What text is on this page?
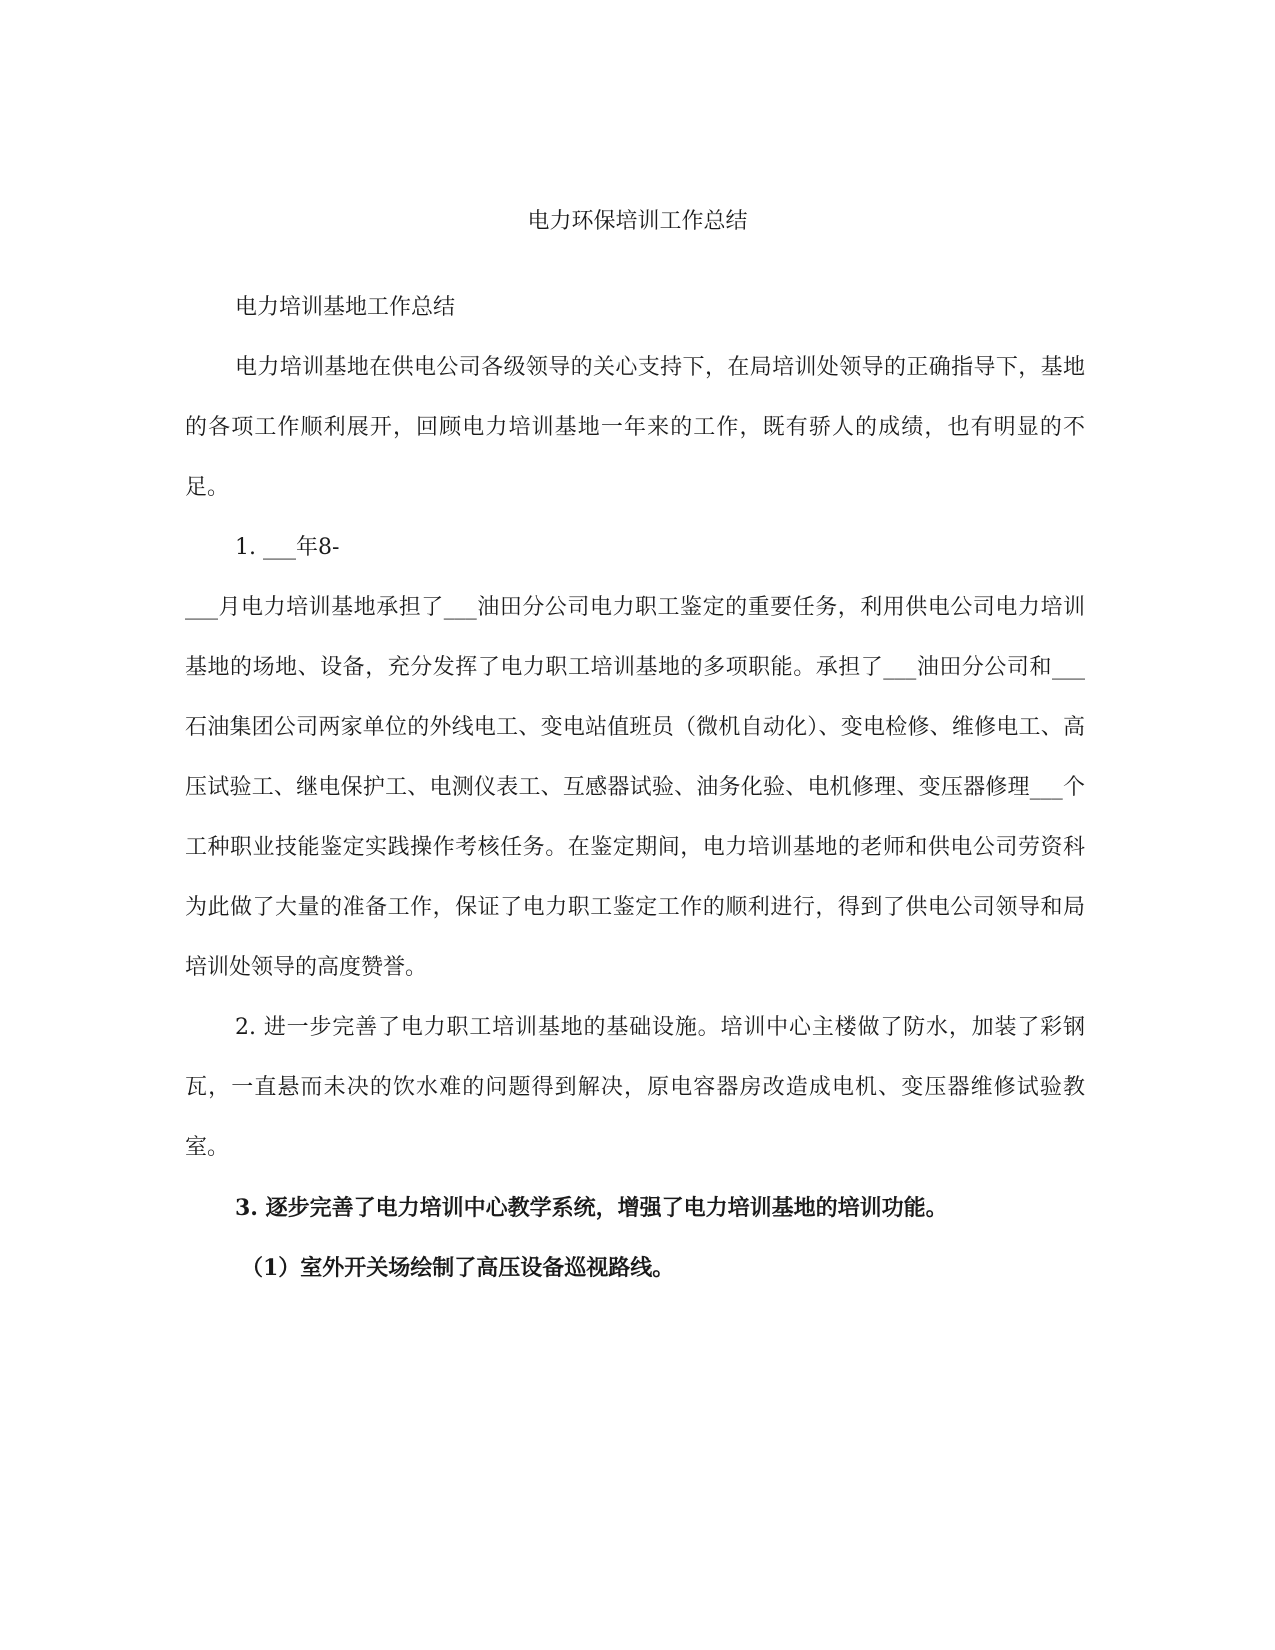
电力环保培训工作总结

电力培训基地工作总结

电力培训基地在供电公司各级领导的关心支持下，在局培训处领导的正确指导下，基地的各项工作顺利展开，回顾电力培训基地一年来的工作，既有骄人的成绩，也有明显的不足。

1. ___年8-

___月电力培训基地承担了___油田分公司电力职工鉴定的重要任务，利用供电公司电力培训基地的场地、设备，充分发挥了电力职工培训基地的多项职能。承担了___油田分公司和___石油集团公司两家单位的外线电工、变电站值班员（微机自动化）、变电检修、维修电工、高压试验工、继电保护工、电测仪表工、互感器试验、油务化验、电机修理、变压器修理___个工种职业技能鉴定实践操作考核任务。在鉴定期间，电力培训基地的老师和供电公司劳资科为此做了大量的准备工作，保证了电力职工鉴定工作的顺利进行，得到了供电公司领导和局培训处领导的高度赞誉。

2. 进一步完善了电力职工培训基地的基础设施。培训中心主楼做了防水，加装了彩钢瓦，一直悬而未决的饮水难的问题得到解决，原电容器房改造成电机、变压器维修试验教室。

3. 逐步完善了电力培训中心教学系统，增强了电力培训基地的培训功能。

（1）室外开关场绘制了高压设备巡视路线。
